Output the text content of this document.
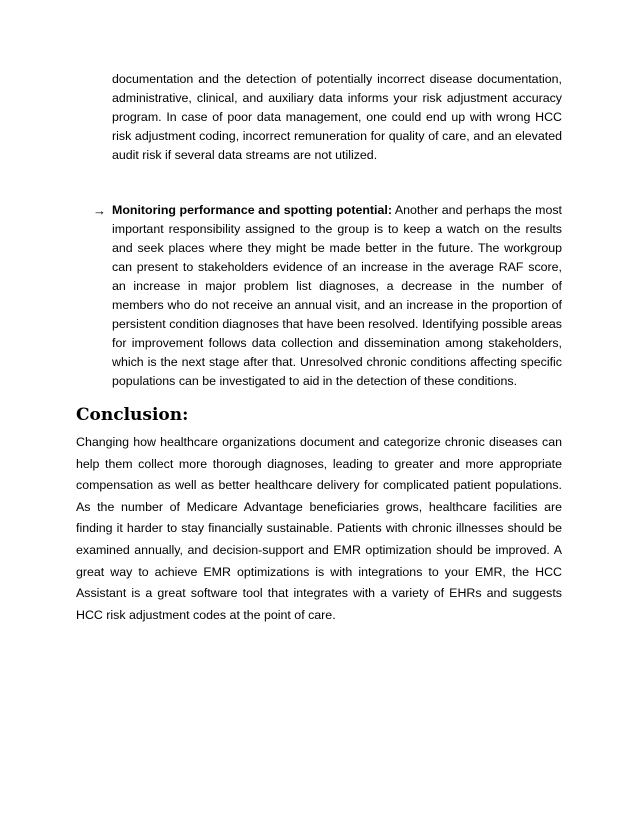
documentation and the detection of potentially incorrect disease documentation, administrative, clinical, and auxiliary data informs your risk adjustment accuracy program. In case of poor data management, one could end up with wrong HCC risk adjustment coding, incorrect remuneration for quality of care, and an elevated audit risk if several data streams are not utilized.

→ Monitoring performance and spotting potential: Another and perhaps the most important responsibility assigned to the group is to keep a watch on the results and seek places where they might be made better in the future. The workgroup can present to stakeholders evidence of an increase in the average RAF score, an increase in major problem list diagnoses, a decrease in the number of members who do not receive an annual visit, and an increase in the proportion of persistent condition diagnoses that have been resolved. Identifying possible areas for improvement follows data collection and dissemination among stakeholders, which is the next stage after that. Unresolved chronic conditions affecting specific populations can be investigated to aid in the detection of these conditions.

Conclusion:

Changing how healthcare organizations document and categorize chronic diseases can help them collect more thorough diagnoses, leading to greater and more appropriate compensation as well as better healthcare delivery for complicated patient populations. As the number of Medicare Advantage beneficiaries grows, healthcare facilities are finding it harder to stay financially sustainable. Patients with chronic illnesses should be examined annually, and decision-support and EMR optimization should be improved. A great way to achieve EMR optimizations is with integrations to your EMR, the HCC Assistant is a great software tool that integrates with a variety of EHRs and suggests HCC risk adjustment codes at the point of care.
